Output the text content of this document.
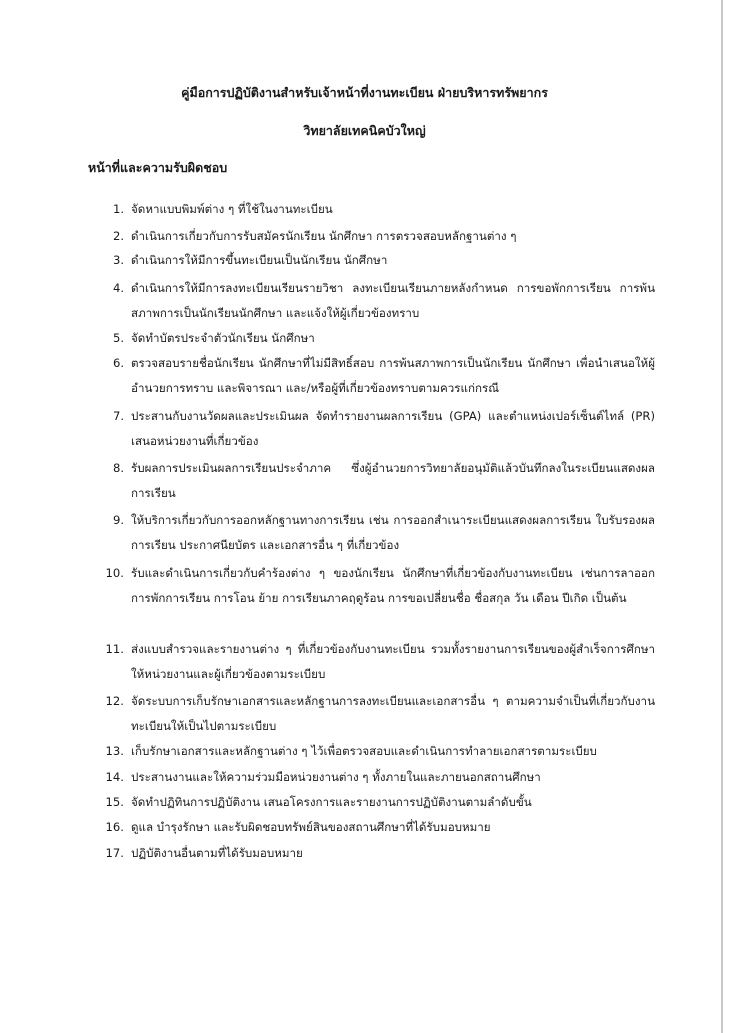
คู่มือการปฏิบัติงานสำหรับเจ้าหน้าที่งานทะเบียน ฝ่ายบริหารทรัพยากร
วิทยาลัยเทคนิคบัวใหญ่
หน้าที่และความรับผิดชอบ
1. จัดหาแบบพิมพ์ต่าง ๆ ที่ใช้ในงานทะเบียน
2. ดำเนินการเกี่ยวกับการรับสมัครนักเรียน นักศึกษา การตรวจสอบหลักฐานต่าง ๆ
3. ดำเนินการให้มีการขึ้นทะเบียนเป็นนักเรียน นักศึกษา
4. ดำเนินการให้มีการลงทะเบียนเรียนรายวิชา ลงทะเบียนเรียนภายหลังกำหนด การขอพักการเรียน การพ้นสภาพการเป็นนักเรียนนักศึกษา และแจ้งให้ผู้เกี่ยวข้องทราบ
5. จัดทำบัตรประจำตัวนักเรียน นักศึกษา
6. ตรวจสอบรายชื่อนักเรียน นักศึกษาที่ไม่มีสิทธิ์สอบ การพ้นสภาพการเป็นนักเรียน นักศึกษา เพื่อนำเสนอให้ผู้อำนวยการทราบ และพิจารณา และ/หรือผู้ที่เกี่ยวข้องทราบตามควรแก่กรณี
7. ประสานกับงานวัดผลและประเมินผล จัดทำรายงานผลการเรียน (GPA) และตำแหน่งเปอร์เซ็นต์ไทล์ (PR) เสนอหน่วยงานที่เกี่ยวข้อง
8. รับผลการประเมินผลการเรียนประจำภาค ซึ่งผู้อำนวยการวิทยาลัยอนุมัติแล้วบันทึกลงในระเบียนแสดงผลการเรียน
9. ให้บริการเกี่ยวกับการออกหลักฐานทางการเรียน เช่น การออกสำเนาระเบียนแสดงผลการเรียน ใบรับรองผลการเรียน ประกาศนียบัตร และเอกสารอื่น ๆ ที่เกี่ยวข้อง
10. รับและดำเนินการเกี่ยวกับคำร้องต่าง ๆ ของนักเรียน นักศึกษาที่เกี่ยวข้องกับงานทะเบียน เช่นการลาออก การพักการเรียน การโอน ย้าย การเรียนภาคฤดูร้อน การขอเปลี่ยนชื่อ ชื่อสกุล วัน เดือน ปีเกิด เป็นต้น
11. ส่งแบบสำรวจและรายงานต่าง ๆ ที่เกี่ยวข้องกับงานทะเบียน รวมทั้งรายงานการเรียนของผู้สำเร็จการศึกษาให้หน่วยงานและผู้เกี่ยวข้องตามระเบียบ
12. จัดระบบการเก็บรักษาเอกสารและหลักฐานการลงทะเบียนและเอกสารอื่น ๆ ตามความจำเป็นที่เกี่ยวกับงานทะเบียนให้เป็นไปตามระเบียบ
13. เก็บรักษาเอกสารและหลักฐานต่าง ๆ ไว้เพื่อตรวจสอบและดำเนินการทำลายเอกสารตามระเบียบ
14. ประสานงานและให้ความร่วมมือหน่วยงานต่าง ๆ ทั้งภายในและภายนอกสถานศึกษา
15. จัดทำปฏิทินการปฏิบัติงาน เสนอโครงการและรายงานการปฏิบัติงานตามลำดับขั้น
16. ดูแล บำรุงรักษา และรับผิดชอบทรัพย์สินของสถานศึกษาที่ได้รับมอบหมาย
17. ปฏิบัติงานอื่นตามที่ได้รับมอบหมาย
